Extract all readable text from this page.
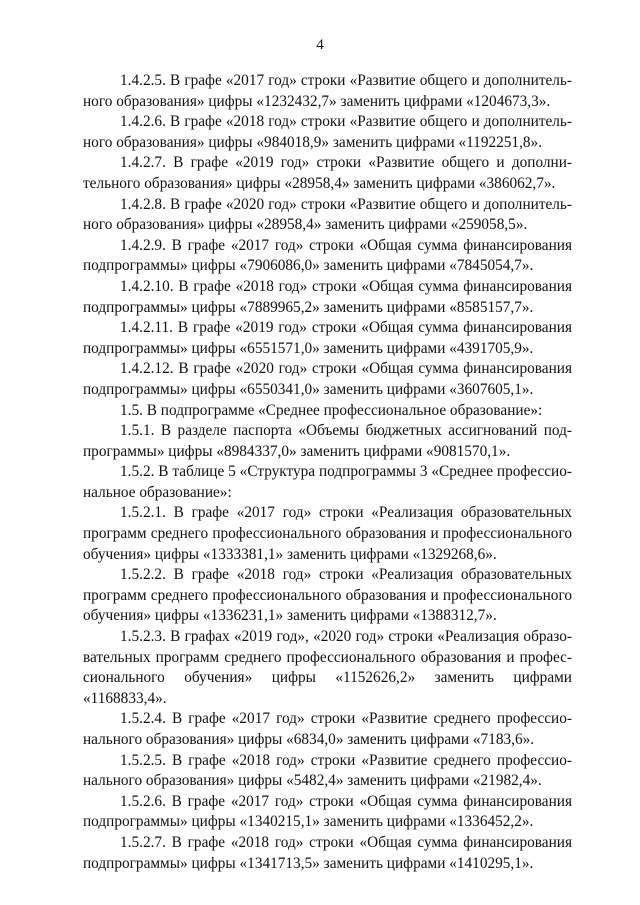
4

1.4.2.5. В графе «2017 год» строки «Развитие общего и дополнитель-ного образования» цифры «1232432,7» заменить цифрами «1204673,3».

1.4.2.6. В графе «2018 год» строки «Развитие общего и дополнитель-ного образования» цифры «984018,9» заменить цифрами «1192251,8».

1.4.2.7. В графе «2019 год» строки «Развитие общего и дополни-тельного образования» цифры «28958,4» заменить цифрами «386062,7».

1.4.2.8. В графе «2020 год» строки «Развитие общего и дополнитель-ного образования» цифры «28958,4» заменить цифрами «259058,5».

1.4.2.9. В графе «2017 год» строки «Общая сумма финансирования подпрограммы» цифры «7906086,0» заменить цифрами «7845054,7».

1.4.2.10. В графе «2018 год» строки «Общая сумма финансирования подпрограммы» цифры «7889965,2» заменить цифрами «8585157,7».

1.4.2.11. В графе «2019 год» строки «Общая сумма финансирования подпрограммы» цифры «6551571,0» заменить цифрами «4391705,9».

1.4.2.12. В графе «2020 год» строки «Общая сумма финансирования подпрограммы» цифры «6550341,0» заменить цифрами «3607605,1».

1.5. В подпрограмме «Среднее профессиональное образование»:

1.5.1. В разделе паспорта «Объемы бюджетных ассигнований под-программы» цифры «8984337,0» заменить цифрами «9081570,1».

1.5.2. В таблице 5 «Структура подпрограммы 3 «Среднее профессио-нальное образование»:

1.5.2.1. В графе «2017 год» строки «Реализация образовательных программ среднего профессионального образования и профессионального обучения» цифры «1333381,1» заменить цифрами «1329268,6».

1.5.2.2. В графе «2018 год» строки «Реализация образовательных программ среднего профессионального образования и профессионального обучения» цифры «1336231,1» заменить цифрами «1388312,7».

1.5.2.3. В графах «2019 год», «2020 год» строки «Реализация образо-вательных программ среднего профессионального образования и профес-сионального обучения» цифры «1152626,2» заменить цифрами «1168833,4».

1.5.2.4. В графе «2017 год» строки «Развитие среднего профессио-нального образования» цифры «6834,0» заменить цифрами «7183,6».

1.5.2.5. В графе «2018 год» строки «Развитие среднего профессио-нального образования» цифры «5482,4» заменить цифрами «21982,4».

1.5.2.6. В графе «2017 год» строки «Общая сумма финансирования подпрограммы» цифры «1340215,1» заменить цифрами «1336452,2».

1.5.2.7. В графе «2018 год» строки «Общая сумма финансирования подпрограммы» цифры «1341713,5» заменить цифрами «1410295,1».
